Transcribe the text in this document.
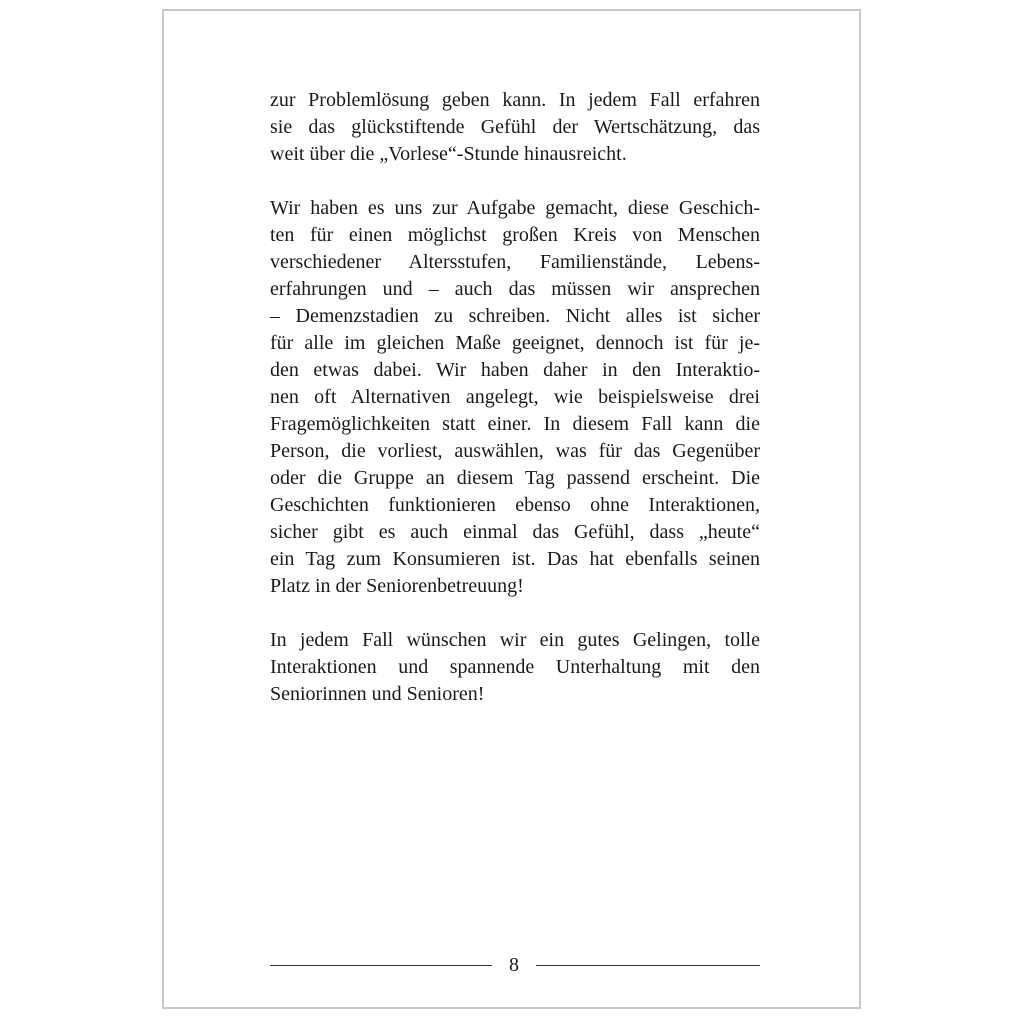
zur Problemlösung geben kann. In jedem Fall erfahren
sie das glückstiftende Gefühl der Wertschätzung, das
weit über die „Vorlese“-Stunde hinausreicht.

Wir haben es uns zur Aufgabe gemacht, diese Geschich-
ten für einen möglichst großen Kreis von Menschen
verschiedener Altersstufen, Familienstände, Lebens-
erfahrungen und – auch das müssen wir ansprechen
– Demenzstadien zu schreiben. Nicht alles ist sicher
für alle im gleichen Maße geeignet, dennoch ist für je-
den etwas dabei. Wir haben daher in den Interaktio-
nen oft Alternativen angelegt, wie beispielsweise drei
Fragemöglichkeiten statt einer. In diesem Fall kann die
Person, die vorliest, auswählen, was für das Gegenüber
oder die Gruppe an diesem Tag passend erscheint. Die
Geschichten funktionieren ebenso ohne Interaktionen,
sicher gibt es auch einmal das Gefühl, dass „heute“
ein Tag zum Konsumieren ist. Das hat ebenfalls seinen
Platz in der Seniorenbetreuung!

In jedem Fall wünschen wir ein gutes Gelingen, tolle
Interaktionen und spannende Unterhaltung mit den
Seniorinnen und Senioren!

8
